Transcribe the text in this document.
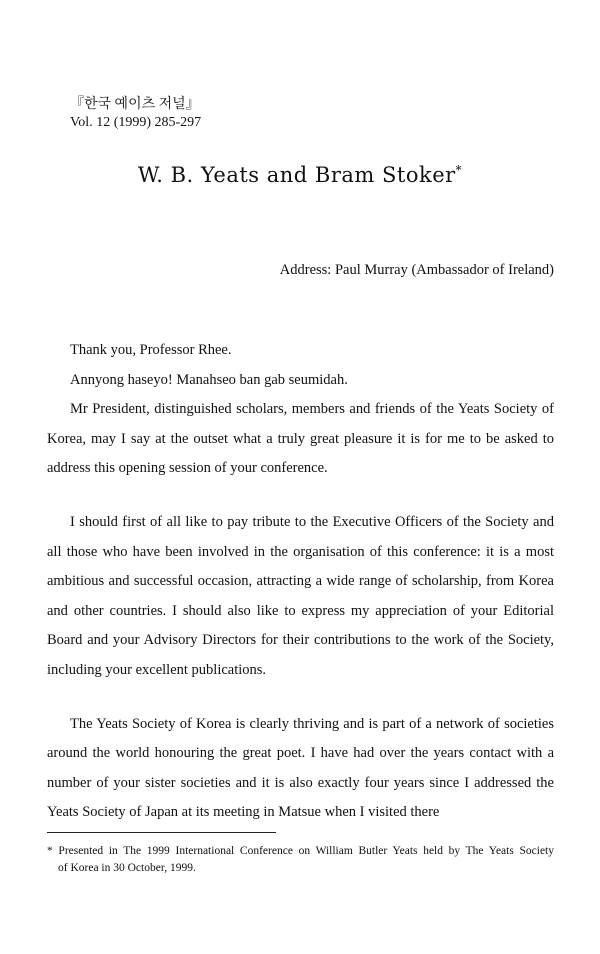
『한국 예이츠 저널』
Vol. 12 (1999) 285-297
W. B. Yeats and Bram Stoker*
Address: Paul Murray (Ambassador of Ireland)

Thank you, Professor Rhee.

Annyong haseyo! Manahseo ban gab seumidah.

Mr President, distinguished scholars, members and friends of the Yeats Society of Korea, may I say at the outset what a truly great pleasure it is for me to be asked to address this opening session of your conference.

I should first of all like to pay tribute to the Executive Officers of the Society and all those who have been involved in the organisation of this conference: it is a most ambitious and successful occasion, attracting a wide range of scholarship, from Korea and other countries. I should also like to express my appreciation of your Editorial Board and your Advisory Directors for their contributions to the work of the Society, including your excellent publications.

The Yeats Society of Korea is clearly thriving and is part of a network of societies around the world honouring the great poet. I have had over the years contact with a number of your sister societies and it is also exactly four years since I addressed the Yeats Society of Japan at its meeting in Matsue when I visited there

* Presented in The 1999 International Conference on William Butler Yeats held by The Yeats Society
of Korea in 30 October, 1999.
